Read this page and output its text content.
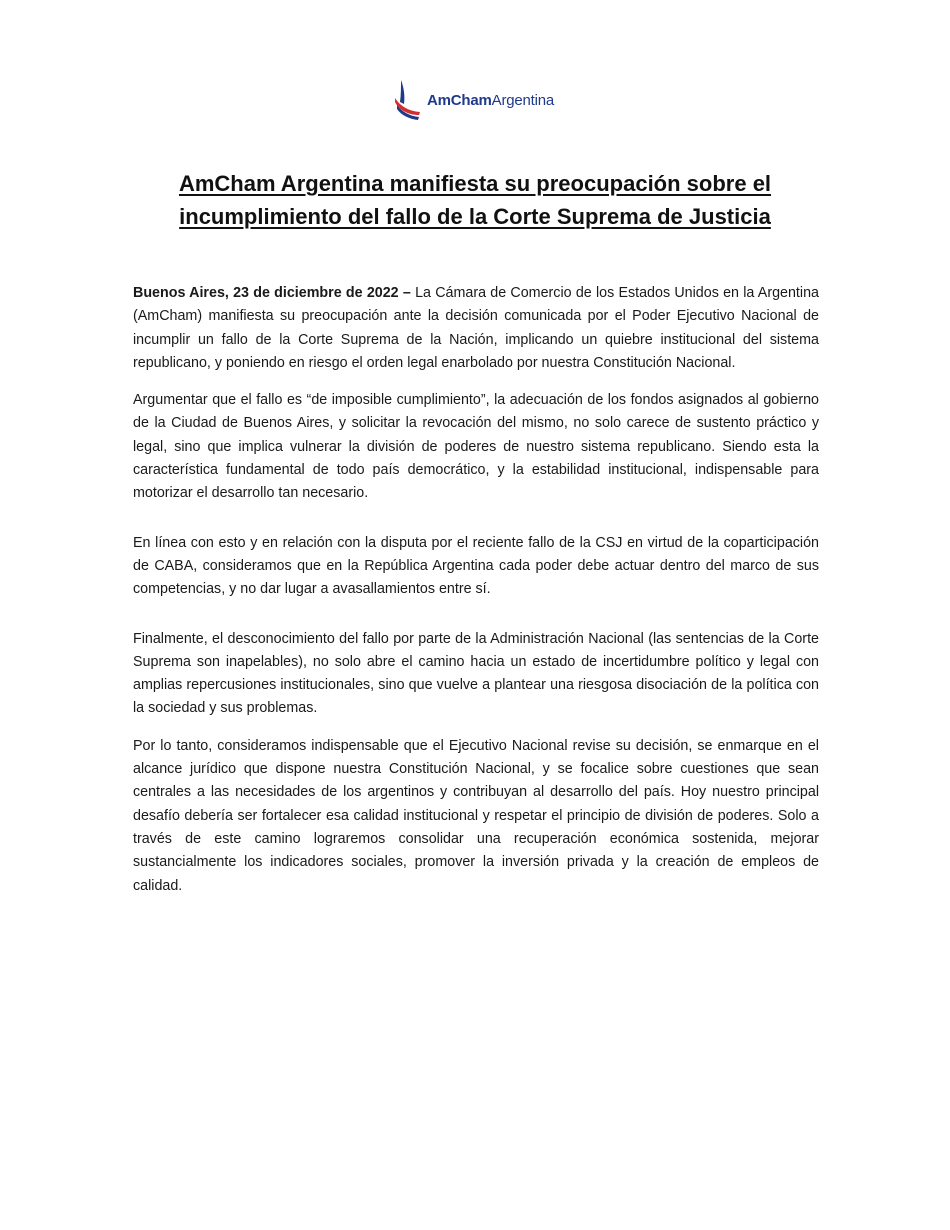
AmChamArgentina
AmCham Argentina manifiesta su preocupación sobre el incumplimiento del fallo de la Corte Suprema de Justicia

Buenos Aires, 23 de diciembre de 2022 – La Cámara de Comercio de los Estados Unidos en la Argentina (AmCham) manifiesta su preocupación ante la decisión comunicada por el Poder Ejecutivo Nacional de incumplir un fallo de la Corte Suprema de la Nación, implicando un quiebre institucional del sistema republicano, y poniendo en riesgo el orden legal enarbolado por nuestra Constitución Nacional.

Argumentar que el fallo es “de imposible cumplimiento”, la adecuación de los fondos asignados al gobierno de la Ciudad de Buenos Aires, y solicitar la revocación del mismo, no solo carece de sustento práctico y legal, sino que implica vulnerar la división de poderes de nuestro sistema republicano. Siendo esta la característica fundamental de todo país democrático, y la estabilidad institucional, indispensable para motorizar el desarrollo tan necesario.

En línea con esto y en relación con la disputa por el reciente fallo de la CSJ en virtud de la coparticipación de CABA, consideramos que en la República Argentina cada poder debe actuar dentro del marco de sus competencias, y no dar lugar a avasallamientos entre sí.

Finalmente, el desconocimiento del fallo por parte de la Administración Nacional (las sentencias de la Corte Suprema son inapelables), no solo abre el camino hacia un estado de incertidumbre político y legal con amplias repercusiones institucionales, sino que vuelve a plantear una riesgosa disociación de la política con la sociedad y sus problemas.

Por lo tanto, consideramos indispensable que el Ejecutivo Nacional revise su decisión, se enmarque en el alcance jurídico que dispone nuestra Constitución Nacional, y se focalice sobre cuestiones que sean centrales a las necesidades de los argentinos y contribuyan al desarrollo del país. Hoy nuestro principal desafío debería ser fortalecer esa calidad institucional y respetar el principio de división de poderes. Solo a través de este camino lograremos consolidar una recuperación económica sostenida, mejorar sustancialmente los indicadores sociales, promover la inversión privada y la creación de empleos de calidad.
